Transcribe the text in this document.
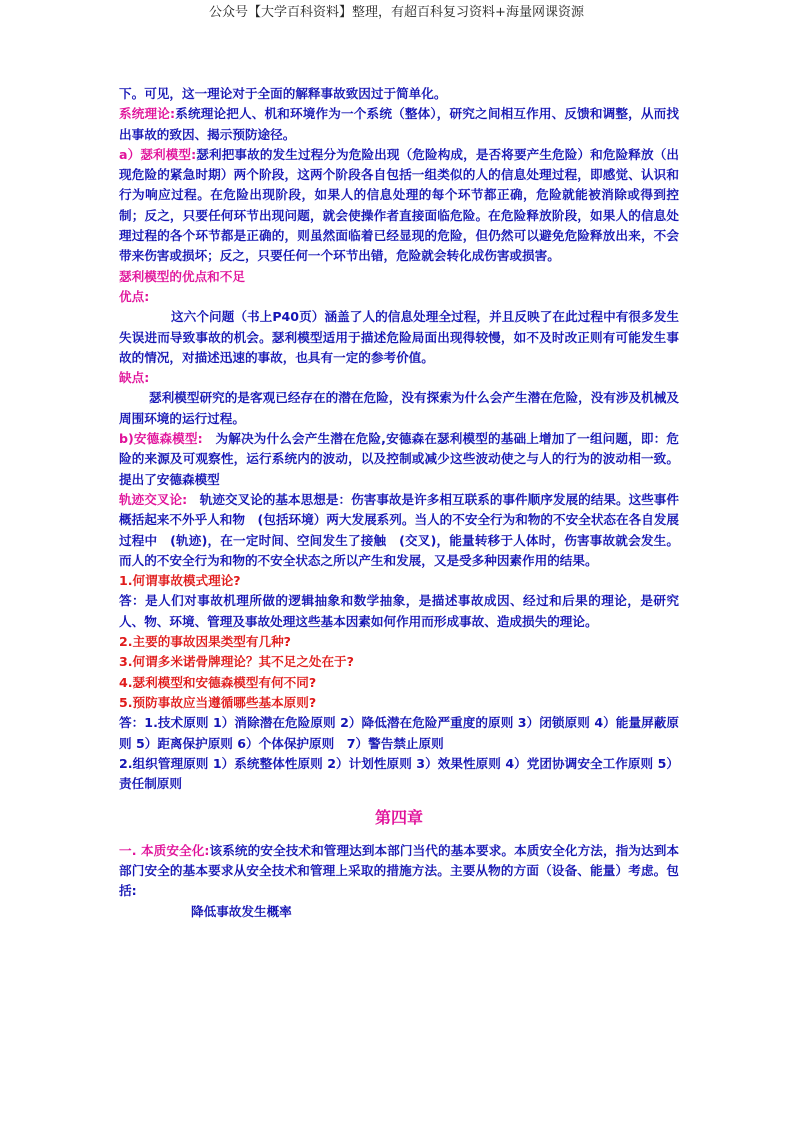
公众号【大学百科资料】整理，有超百科复习资料+海量网课资源

下。可见，这一理论对于全面的解释事故致因过于简单化。

系统理论:系统理论把人、机和环境作为一个系统（整体），研究之间相互作用、反馈和调整，从而找出事故的致因、揭示预防途径。

a）瑟利模型:瑟利把事故的发生过程分为危险出现（危险构成，是否将要产生危险）和危险释放（出现危险的紧急时期）两个阶段，这两个阶段各自包括一组类似的人的信息处理过程，即感觉、认识和行为响应过程。在危险出现阶段，如果人的信息处理的每个环节都正确，危险就能被消除或得到控制；反之，只要任何环节出现问题，就会使操作者直接面临危险。在危险释放阶段，如果人的信息处理过程的各个环节都是正确的，则虽然面临着已经显现的危险，但仍然可以避免危险释放出来，不会带来伤害或损坏；反之，只要任何一个环节出错，危险就会转化成伤害或损害。

瑟利模型的优点和不足

优点:

这六个问题（书上P40页）涵盖了人的信息处理全过程，并且反映了在此过程中有很多发生失误进而导致事故的机会。瑟利模型适用于描述危险局面出现得较慢，如不及时改正则有可能发生事故的情况，对描述迅速的事故，也具有一定的参考价值。

缺点:

瑟利模型研究的是客观已经存在的潜在危险，没有探索为什么会产生潜在危险，没有涉及机械及周围环境的运行过程。

b)安德森模型:　为解决为什么会产生潜在危险,安德森在瑟利模型的基础上增加了一组问题，即：危险的来源及可观察性，运行系统内的波动，以及控制或减少这些波动使之与人的行为的波动相一致。提出了安德森模型

轨迹交叉论:　轨迹交叉论的基本思想是：伤害事故是许多相互联系的事件顺序发展的结果。这些事件概括起来不外乎人和物　(包括环境）两大发展系列。当人的不安全行为和物的不安全状态在各自发展过程中　(轨迹)，在一定时间、空间发生了接触　(交叉)，能量转移于人体时，伤害事故就会发生。而人的不安全行为和物的不安全状态之所以产生和发展，又是受多种因素作用的结果。

1.何谓事故模式理论?

答：是人们对事故机理所做的逻辑抽象和数学抽象，是描述事故成因、经过和后果的理论，是研究人、物、环境、管理及事故处理这些基本因素如何作用而形成事故、造成损失的理论。

2.主要的事故因果类型有几种?

3.何谓多米诺骨牌理论？其不足之处在于?

4.瑟利模型和安德森模型有何不同?

5.预防事故应当遵循哪些基本原则?

答：1.技术原则 1）消除潜在危险原则 2）降低潜在危险严重度的原则 3）闭锁原则 4）能量屏蔽原则 5）距离保护原则 6）个体保护原则　7）警告禁止原则

2.组织管理原则 1）系统整体性原则 2）计划性原则 3）效果性原则 4）党团协调安全工作原则 5）责任制原则

第四章

一. 本质安全化:该系统的安全技术和管理达到本部门当代的基本要求。本质安全化方法，指为达到本部门安全的基本要求从安全技术和管理上采取的措施方法。主要从物的方面（设备、能量）考虑。包括:

降低事故发生概率
